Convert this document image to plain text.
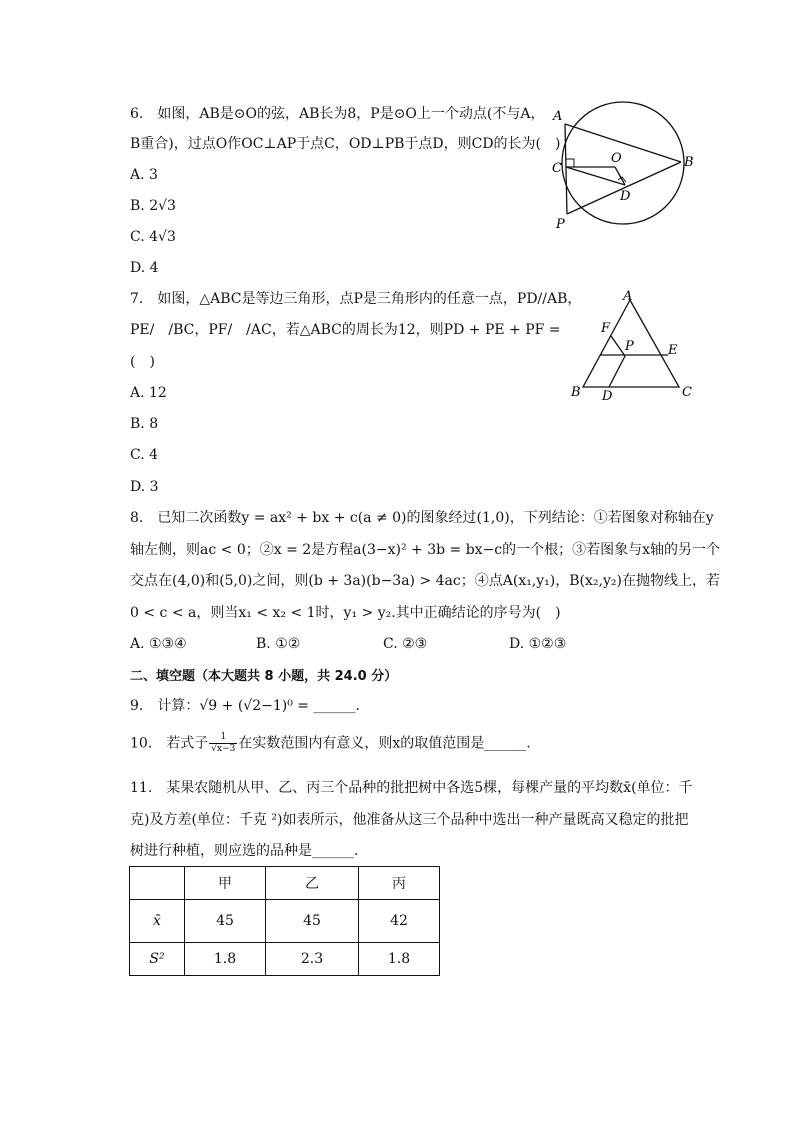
6.　如图，AB是⊙O的弦，AB长为8，P是⊙O上一个动点(不与A，
B重合)，过点O作OC⊥AP于点C，OD⊥PB于点D，则CD的长为(　)
A. 3
B. 2√3
C. 4√3
D. 4
A
B
C
D
O
P
7.　如图，△ABC是等边三角形，点P是三角形内的任意一点，PD//AB，
PE/　/BC，PF/　/AC，若△ABC的周长为12，则PD + PE + PF =
(　)
A. 12
B. 8
C. 4
D. 3
A
B	C
D
E
F
P
8.　已知二次函数y = ax² + bx + c(a ≠ 0)的图象经过(1,0)，下列结论：①若图象对称轴在y
轴左侧，则ac < 0；②x = 2是方程a(3−x)² + 3b = bx−c的一个根；③若图象与x轴的另一个
交点在(4,0)和(5,0)之间，则(b + 3a)(b−3a) > 4ac；④点A(x₁,y₁)，B(x₂,y₂)在抛物线上，若
0 < c < a，则当x₁ < x₂ < 1时，y₁ > y₂.其中正确结论的序号为(　)
A. ①③④	B. ①②	C. ②③	D. ①②③
二、填空题（本大题共 8 小题，共 24.0 分）
9.　计算：√9 + (√2−1)⁰ = ______.
10.　若式子 $\frac{1}{√x-3}$ 在实数范围内有意义，则x的取值范围是______.
11.　某果农随机从甲、乙、丙三个品种的批把树中各选5棵，每棵产量的平均数x̄(单位：千
克)及方差(单位：千克 ²)如表所示，他准备从这三个品种中选出一种产量既高又稳定的批把
树进行种植，则应选的品种是______.
	甲	乙	丙
x̄	45	45	42
S²	1.8	2.3	1.8
